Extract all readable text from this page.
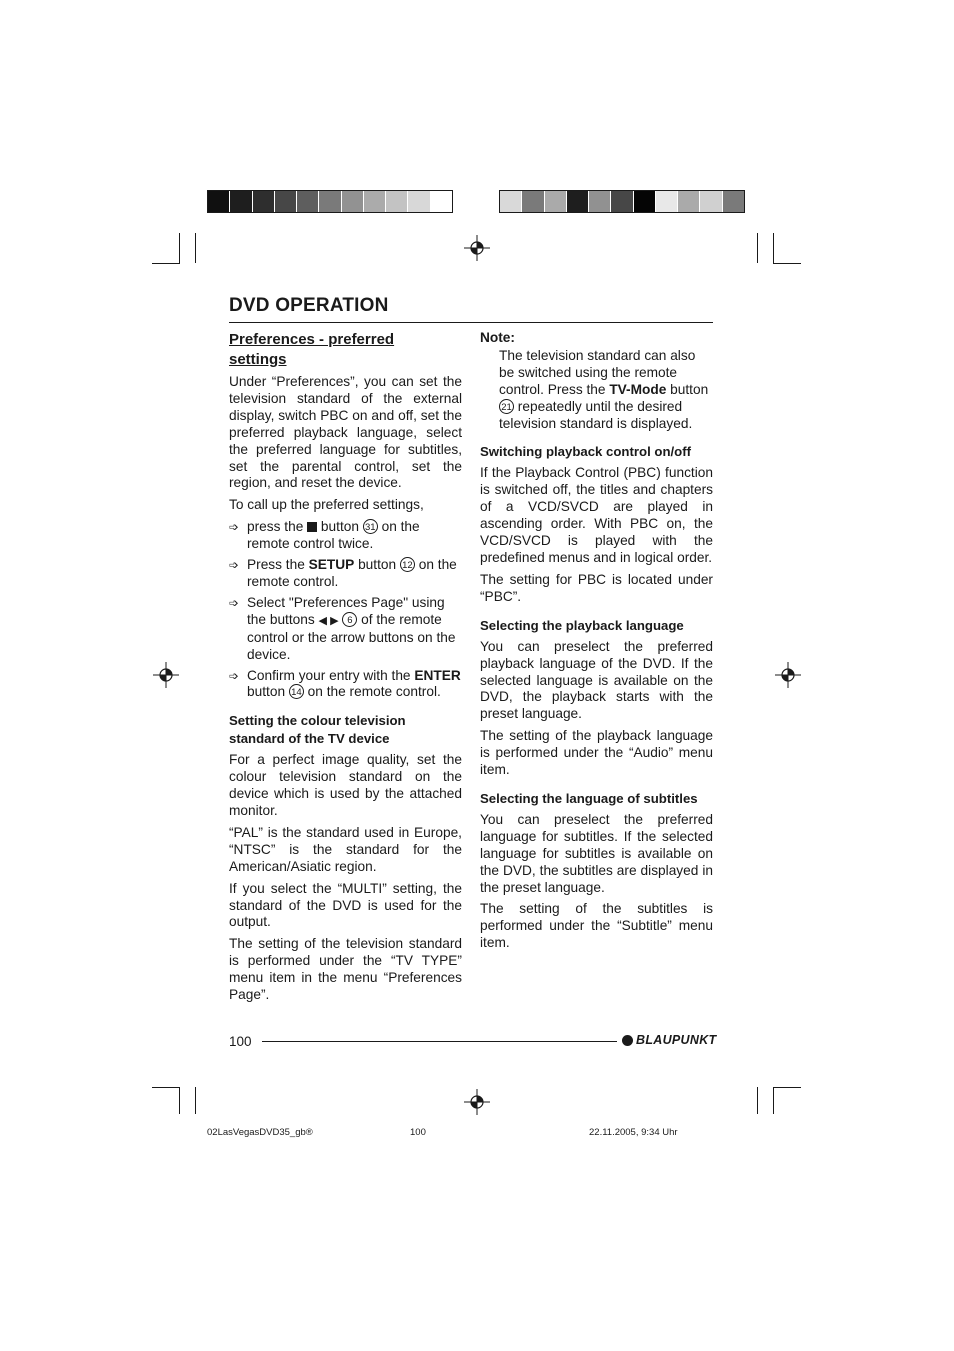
DVD OPERATION
Preferences - preferred
settings

Under “Preferences”, you can set the television standard of the external display, switch PBC on and off, set the preferred playback language, select the preferred language for subtitles, set the parental control, set the region, and reset the device.

To call up the preferred settings,

➩ press the  button 31 on the remote control twice.
➩ Press the SETUP button 12 on the remote control.
➩ Select "Preferences Page" using the buttons ◀ ▶ 6 of the remote control or the arrow buttons on the device.
➩ Confirm your entry with the ENTER button 14 on the remote control.
Setting the colour television standard of the TV device

For a perfect image quality, set the colour television standard on the device which is used by the attached monitor.

“PAL” is the standard used in Europe, “NTSC” is the standard for the American/Asiatic region.

If you select the “MULTI” setting, the standard of the DVD is used for the output.

The setting of the television standard is performed under the “TV TYPE” menu item in the menu “Preferences Page”.

Note:

The television standard can also be switched using the remote control. Press the TV-Mode button 21 repeatedly until the desired television standard is displayed.

Switching playback control on/off

If the Playback Control (PBC) function is switched off, the titles and chapters of a VCD/SVCD are played in ascending order. With PBC on, the VCD/SVCD is played with the predefined menus and in logical order.

The setting for PBC is located under “PBC”.

Selecting the playback language

You can preselect the preferred playback language of the DVD. If the selected language is available on the DVD, the playback starts with the preset language.

The setting of the playback language is performed under the “Audio” menu item.

Selecting the language of subtitles

You can preselect the preferred language for subtitles. If the selected language for subtitles is available on the DVD, the subtitles are displayed in the preset language.

The setting of the subtitles is performed under the “Subtitle” menu item.

100	BLAUPUNKT
02LasVegasDVD35_gb®	100	22.11.2005, 9:34 Uhr
